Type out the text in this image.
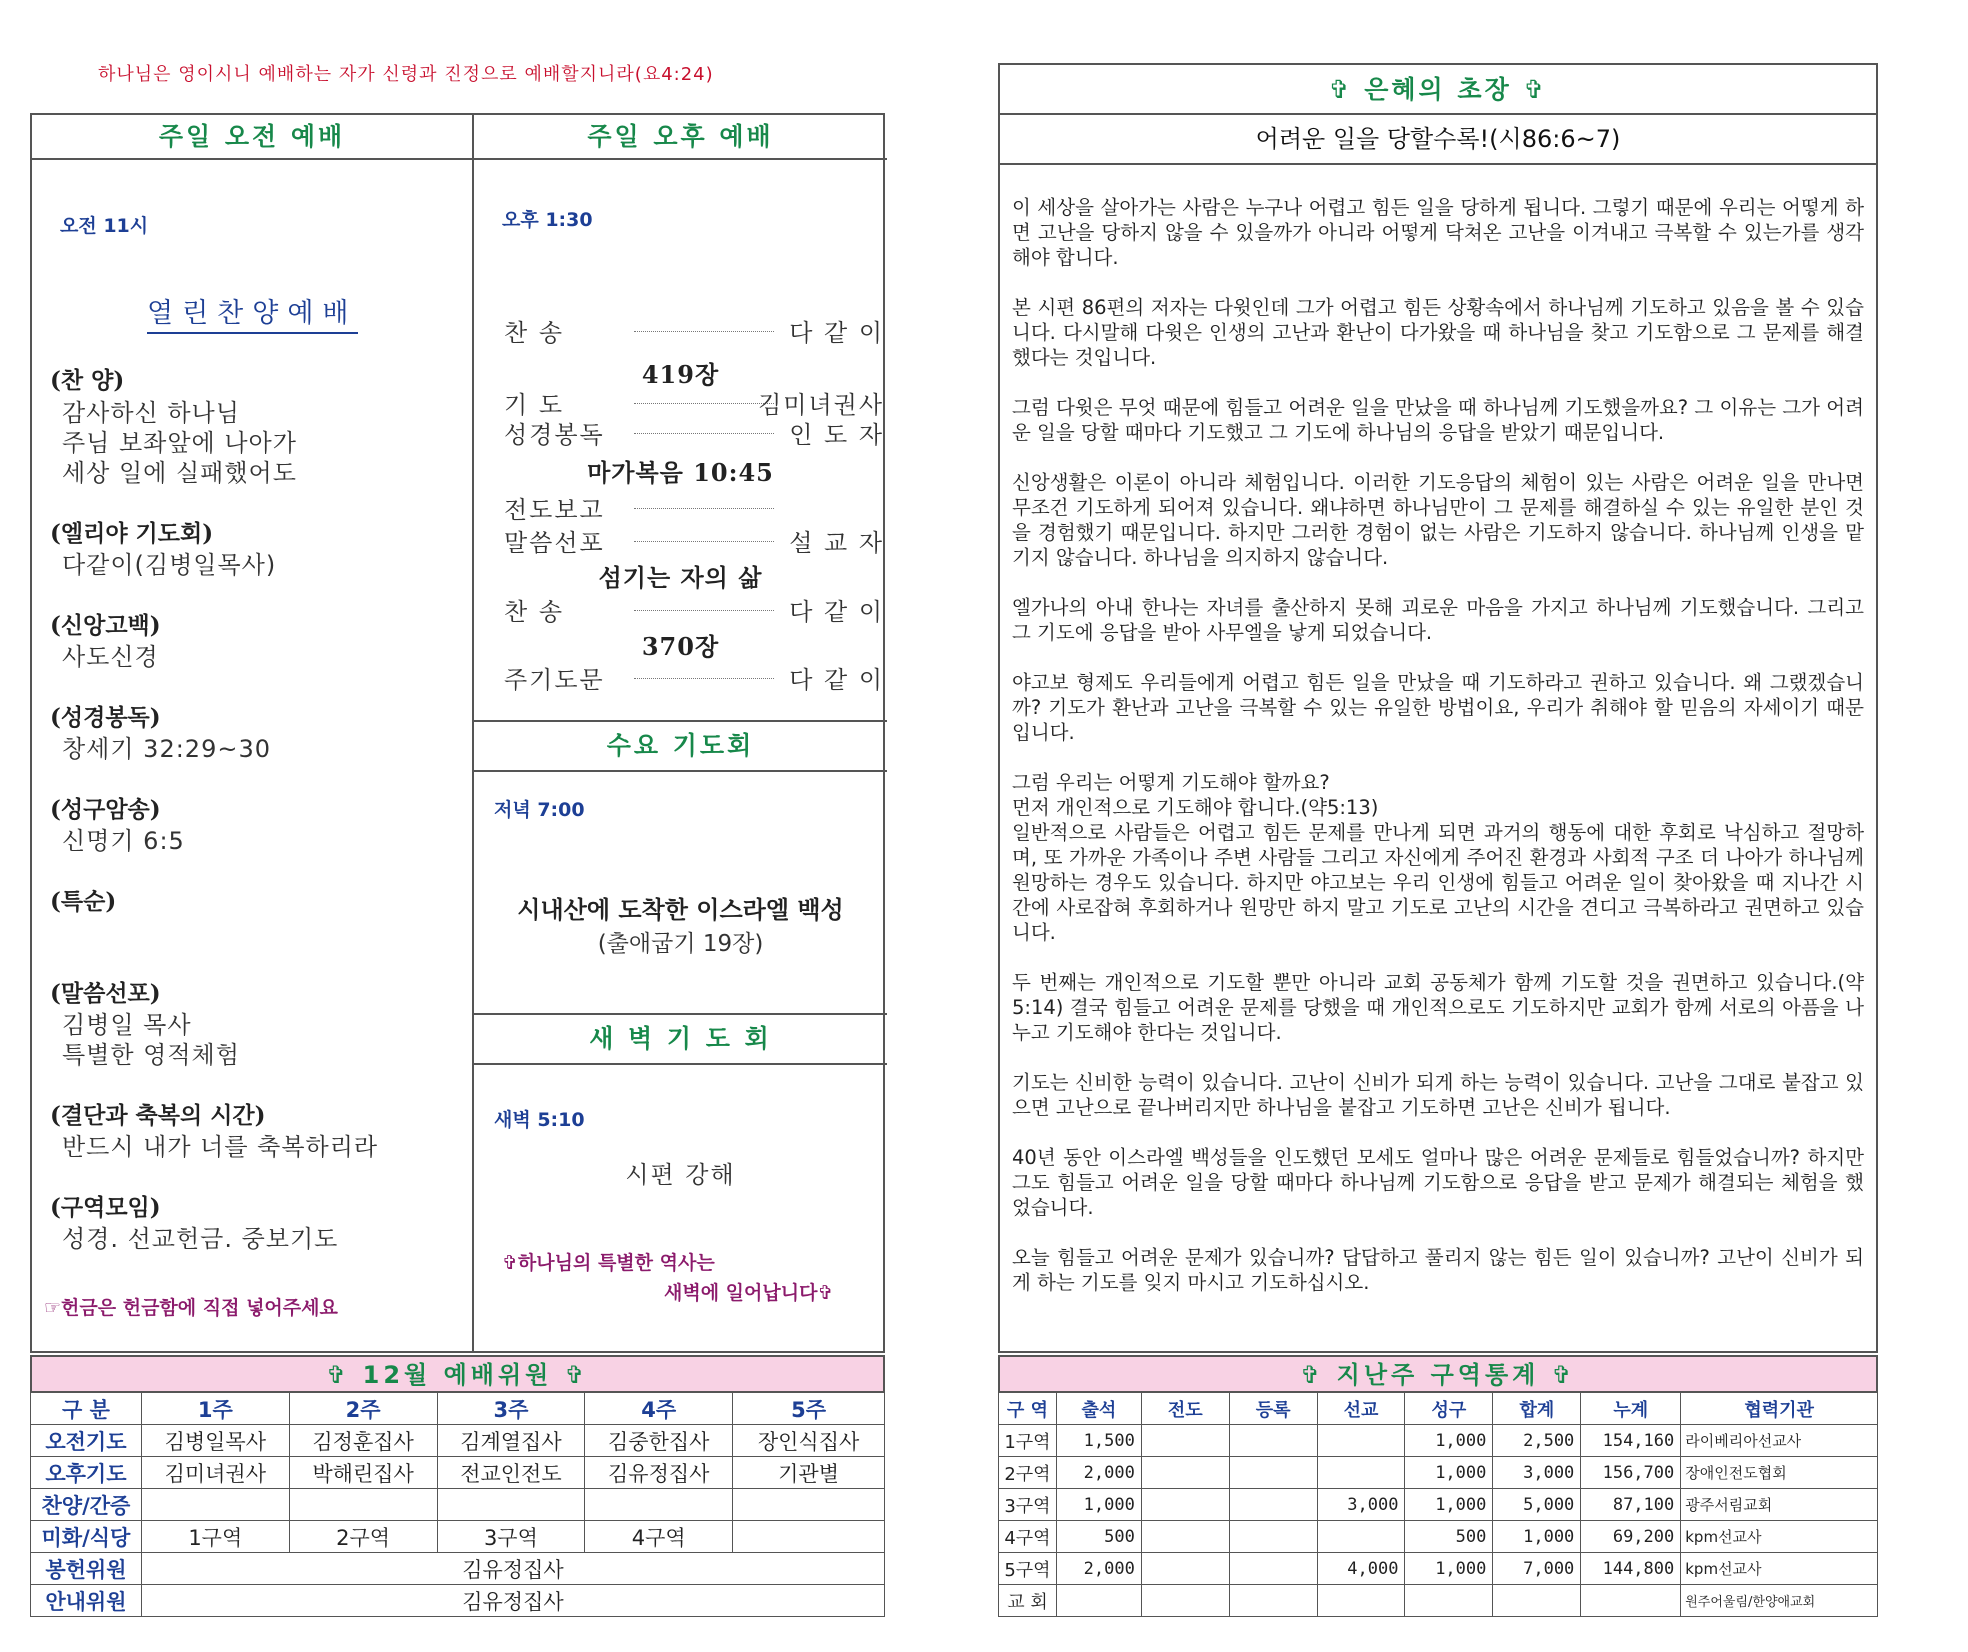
하나님은 영이시니 예배하는 자가 신령과 진정으로 예배할지니라(요4:24)
주일 오전 예배
오전 11시
열린찬양예배
(찬 양)
감사하신 하나님
주님 보좌앞에 나아가
세상 일에 실패했어도
(엘리야 기도회)
다같이(김병일목사)
(신앙고백)
사도신경
(성경봉독)
창세기 32:29~30
(성구암송)
신명기 6:5
(특순)
(말씀선포)
김병일 목사
특별한 영적체험
(결단과 축복의 시간)
반드시 내가 너를 축복하리라
(구역모임)
성경. 선교헌금. 중보기도
☞헌금은 헌금함에 직접 넣어주세요
주일 오후 예배
오후 1:30
찬 송	다 같 이
419장
기 도	김미녀권사
성경봉독	인 도 자
마가복음 10:45
전도보고
말씀선포	설 교 자
섬기는 자의 삶
찬 송	다 같 이
370장
주기도문	다 같 이
수요 기도회
저녁 7:00
시내산에 도착한 이스라엘 백성
(출애굽기 19장)
새 벽 기 도 회
새벽 5:10
시편 강해
✞하나님의 특별한 역사는
새벽에 일어납니다✞
✞ 12월 예배위원 ✞
구 분	1주	2주	3주	4주	5주
오전기도	김병일목사	김정훈집사	김계열집사	김중한집사	장인식집사
오후기도	김미녀권사	박해린집사	전교인전도	김유정집사	기관별
찬양/간증					
미화/식당	1구역	2구역	3구역	4구역	
봉헌위원	김유정집사				
안내위원	김유정집사				
✞ 은혜의 초장 ✞
어려운 일을 당할수록!(시86:6~7)

이 세상을 살아가는 사람은 누구나 어렵고 힘든 일을 당하게 됩니다. 그렇기 때문에 우리는 어떻게 하면 고난을 당하지 않을 수 있을까가 아니라 어떻게 닥쳐온 고난을 이겨내고 극복할 수 있는가를 생각해야 합니다.

본 시편 86편의 저자는 다윗인데 그가 어렵고 힘든 상황속에서 하나님께 기도하고 있음을 볼 수 있습니다. 다시말해 다윗은 인생의 고난과 환난이 다가왔을 때 하나님을 찾고 기도함으로 그 문제를 해결했다는 것입니다.

그럼 다윗은 무엇 때문에 힘들고 어려운 일을 만났을 때 하나님께 기도했을까요? 그 이유는 그가 어려운 일을 당할 때마다 기도했고 그 기도에 하나님의 응답을 받았기 때문입니다.

신앙생활은 이론이 아니라 체험입니다. 이러한 기도응답의 체험이 있는 사람은 어려운 일을 만나면 무조건 기도하게 되어져 있습니다. 왜냐하면 하나님만이 그 문제를 해결하실 수 있는 유일한 분인 것을 경험했기 때문입니다. 하지만 그러한 경험이 없는 사람은 기도하지 않습니다. 하나님께 인생을 맡기지 않습니다. 하나님을 의지하지 않습니다.

엘가나의 아내 한나는 자녀를 출산하지 못해 괴로운 마음을 가지고 하나님께 기도했습니다. 그리고 그 기도에 응답을 받아 사무엘을 낳게 되었습니다.

야고보 형제도 우리들에게 어렵고 힘든 일을 만났을 때 기도하라고 권하고 있습니다. 왜 그랬겠습니까? 기도가 환난과 고난을 극복할 수 있는 유일한 방법이요, 우리가 취해야 할 믿음의 자세이기 때문입니다.

그럼 우리는 어떻게 기도해야 할까요?
먼저 개인적으로 기도해야 합니다.(약5:13)
일반적으로 사람들은 어렵고 힘든 문제를 만나게 되면 과거의 행동에 대한 후회로 낙심하고 절망하며, 또 가까운 가족이나 주변 사람들 그리고 자신에게 주어진 환경과 사회적 구조 더 나아가 하나님께 원망하는 경우도 있습니다. 하지만 야고보는 우리 인생에 힘들고 어려운 일이 찾아왔을 때 지나간 시간에 사로잡혀 후회하거나 원망만 하지 말고 기도로 고난의 시간을 견디고 극복하라고 권면하고 있습니다.

두 번째는 개인적으로 기도할 뿐만 아니라 교회 공동체가 함께 기도할 것을 권면하고 있습니다.(약5:14) 결국 힘들고 어려운 문제를 당했을 때 개인적으로도 기도하지만 교회가 함께 서로의 아픔을 나누고 기도해야 한다는 것입니다.

기도는 신비한 능력이 있습니다. 고난이 신비가 되게 하는 능력이 있습니다. 고난을 그대로 붙잡고 있으면 고난으로 끝나버리지만 하나님을 붙잡고 기도하면 고난은 신비가 됩니다.

40년 동안 이스라엘 백성들을 인도했던 모세도 얼마나 많은 어려운 문제들로 힘들었습니까? 하지만 그도 힘들고 어려운 일을 당할 때마다 하나님께 기도함으로 응답을 받고 문제가 해결되는 체험을 했었습니다.

오늘 힘들고 어려운 문제가 있습니까? 답답하고 풀리지 않는 힘든 일이 있습니까? 고난이 신비가 되게 하는 기도를 잊지 마시고 기도하십시오.

✞ 지난주 구역통계 ✞
구 역	출석	전도	등록	선교	성구	합계	누계	협력기관
1구역	1,500				1,000	2,500	154,160	라이베리아선교사
2구역	2,000				1,000	3,000	156,700	장애인전도협회
3구역	1,000			3,000	1,000	5,000	87,100	광주서림교회
4구역	500				500	1,000	69,200	kpm선교사
5구역	2,000			4,000	1,000	7,000	144,800	kpm선교사
교 회								원주어울림/한양애교회
